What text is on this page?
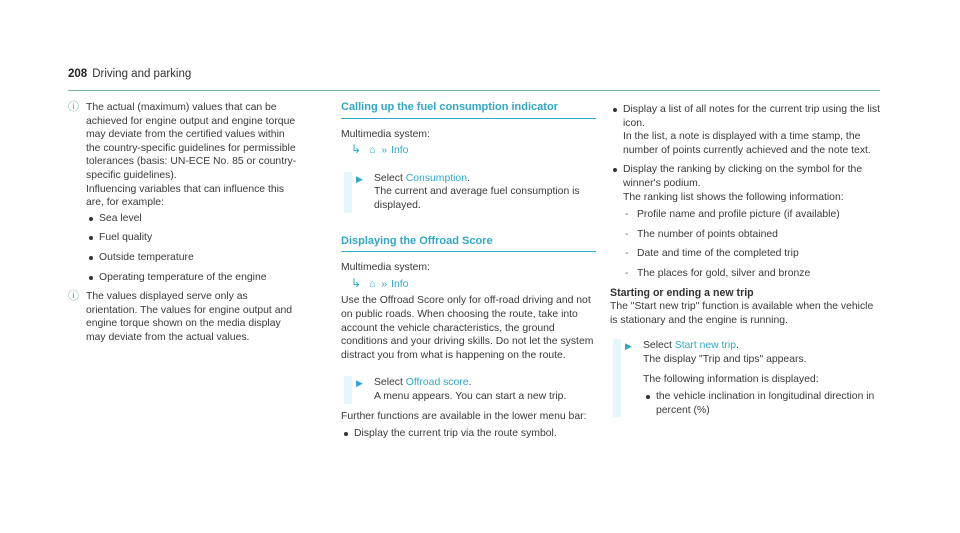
208 Driving and parking
ⓘ The actual (maximum) values that can be achieved for engine output and engine torque may deviate from the certified values within the country-specific guidelines for permissible tolerances (basis: UN-ECE No. 85 or country-specific guidelines).

Influencing variables that can influence this are, for example:

Sea level
Fuel quality
Outside temperature
Operating temperature of the engine
ⓘ The values displayed serve only as orientation. The values for engine output and engine torque shown on the media display may deviate from the actual values.

Calling up the fuel consumption indicator

Multimedia system:

↳ ⌂ » Info

▶	Select Consumption.

The current and average fuel consumption is displayed.

Displaying the Offroad Score

Multimedia system:

↳ ⌂ » Info

Use the Offroad Score only for off-road driving and not on public roads. When choosing the route, take into account the vehicle characteristics, the ground conditions and your driving skills. Do not let the system distract you from what is happening on the route.

▶	Select Offroad score.

A menu appears. You can start a new trip.

Further functions are available in the lower menu bar:

Display the current trip via the route symbol.

Display a list of all notes for the current trip using the list icon.

In the list, a note is displayed with a time stamp, the number of points currently achieved and the note text.

Display the ranking by clicking on the symbol for the winner's podium.

The ranking list shows the following information:

- Profile name and profile picture (if available)
- The number of points obtained
- Date and time of the completed trip
- The places for gold, silver and bronze

Starting or ending a new trip

The "Start new trip" function is available when the vehicle is stationary and the engine is running.

▶	Select Start new trip.

The display "Trip and tips" appears.

The following information is displayed:

the vehicle inclination in longitudinal direction in percent (%)
